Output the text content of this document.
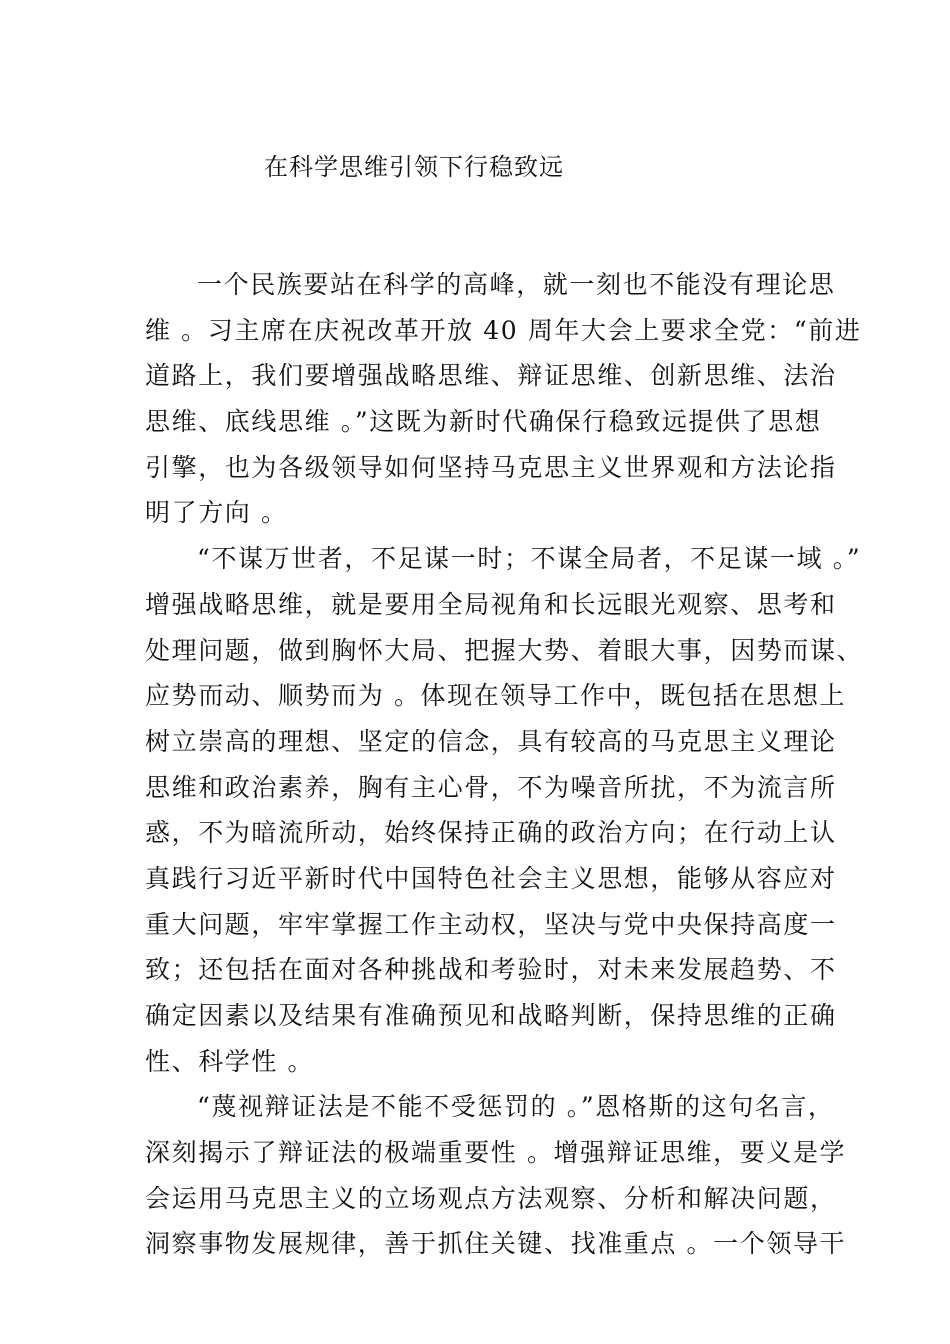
在科学思维引领下行稳致远
一个民族要站在科学的高峰，就一刻也不能没有理论思
维 。习主席在庆祝改革开放 40 周年大会上要求全党：“前进
道路上，我们要增强战略思维、辩证思维、创新思维、法治
思维、底线思维 。”这既为新时代确保行稳致远提供了思想
引擎，也为各级领导如何坚持马克思主义世界观和方法论指
明了方向 。
“不谋万世者，不足谋一时；不谋全局者，不足谋一域 。”
增强战略思维，就是要用全局视角和长远眼光观察、思考和
处理问题，做到胸怀大局、把握大势、着眼大事，因势而谋、
应势而动、顺势而为 。体现在领导工作中，既包括在思想上
树立崇高的理想、坚定的信念，具有较高的马克思主义理论
思维和政治素养，胸有主心骨，不为噪音所扰，不为流言所
惑，不为暗流所动，始终保持正确的政治方向；在行动上认
真践行习近平新时代中国特色社会主义思想，能够从容应对
重大问题，牢牢掌握工作主动权，坚决与党中央保持高度一
致；还包括在面对各种挑战和考验时，对未来发展趋势、不
确定因素以及结果有准确预见和战略判断，保持思维的正确
性、科学性 。
“蔑视辩证法是不能不受惩罚的 。”恩格斯的这句名言，
深刻揭示了辩证法的极端重要性 。增强辩证思维，要义是学
会运用马克思主义的立场观点方法观察、分析和解决问题，
洞察事物发展规律，善于抓住关键、找准重点 。一个领导干
